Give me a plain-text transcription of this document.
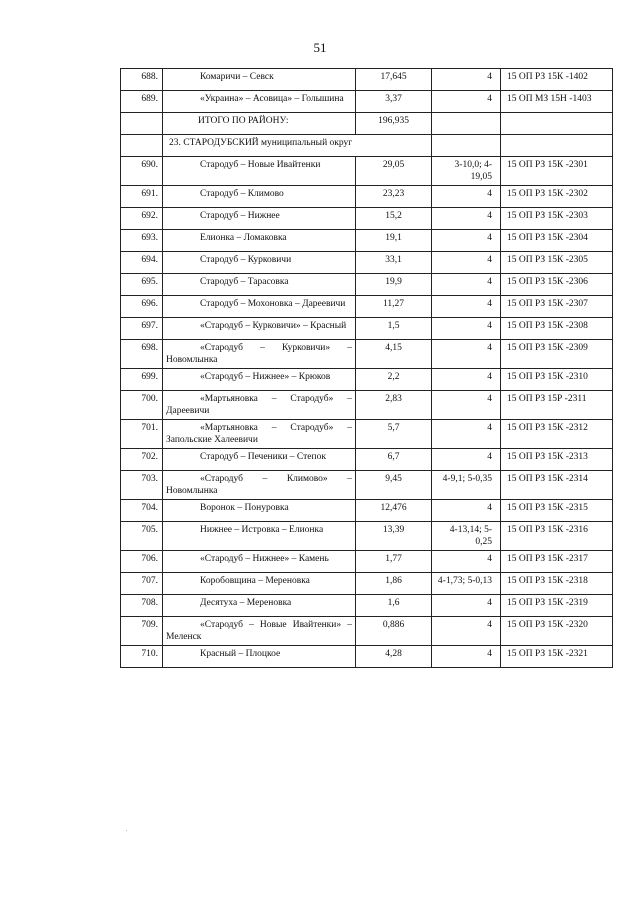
51
688.	Комаричи – Севск	17,645	4	15 ОП РЗ 15К -1402
689.	«Украина» – Асовица» – Голышина	3,37	4	15 ОП МЗ 15Н -1403

	ИТОГО ПО РАЙОНУ:	196,935		

	23. СТАРОДУБСКИЙ муниципальный округ			

690.	Стародуб – Новые Ивайтенки	29,05	3-10,0; 4-19,05	15 ОП РЗ 15К -2301
691.	Стародуб – Климово	23,23	4	15 ОП РЗ 15К -2302
692.	Стародуб – Нижнее	15,2	4	15 ОП РЗ 15К -2303
693.	Елионка – Ломаковка	19,1	4	15 ОП РЗ 15К -2304
694.	Стародуб – Курковичи	33,1	4	15 ОП РЗ 15К -2305
695.	Стародуб – Тарасовка	19,9	4	15 ОП РЗ 15К -2306
696.	Стародуб – Мохоновка – Дареевичи	11,27	4	15 ОП РЗ 15К -2307
697.	«Стародуб – Курковичи» – Красный	1,5	4	15 ОП РЗ 15К -2308
698.	«Стародуб – Курковичи» – Новомлынка	4,15	4	15 ОП РЗ 15К -2309
699.	«Стародуб – Нижнее» – Крюков	2,2	4	15 ОП РЗ 15К -2310
700.	«Мартьяновка – Стародуб» – Дареевичи	2,83	4	15 ОП РЗ 15Р -2311
701.	«Мартьяновка – Стародуб» – Запольские Халеевичи	5,7	4	15 ОП РЗ 15К -2312
702.	Стародуб – Печеники – Степок	6,7	4	15 ОП РЗ 15К -2313
703.	«Стародуб – Климово» – Новомлынка	9,45	4-9,1; 5-0,35	15 ОП РЗ 15К -2314
704.	Воронок – Понуровка	12,476	4	15 ОП РЗ 15К -2315
705.	Нижнее – Истровка – Елионка	13,39	4-13,14; 5-0,25	15 ОП РЗ 15К -2316
706.	«Стародуб – Нижнее» – Камень	1,77	4	15 ОП РЗ 15К -2317
707.	Коробовщина – Мереновка	1,86	4-1,73; 5-0,13	15 ОП РЗ 15К -2318
708.	Десятуха – Мереновка	1,6	4	15 ОП РЗ 15К -2319
709.	«Стародуб – Новые Ивайтенки» – Меленск	0,886	4	15 ОП РЗ 15К -2320
710.	Красный – Плоцкое	4,28	4	15 ОП РЗ 15К -2321
